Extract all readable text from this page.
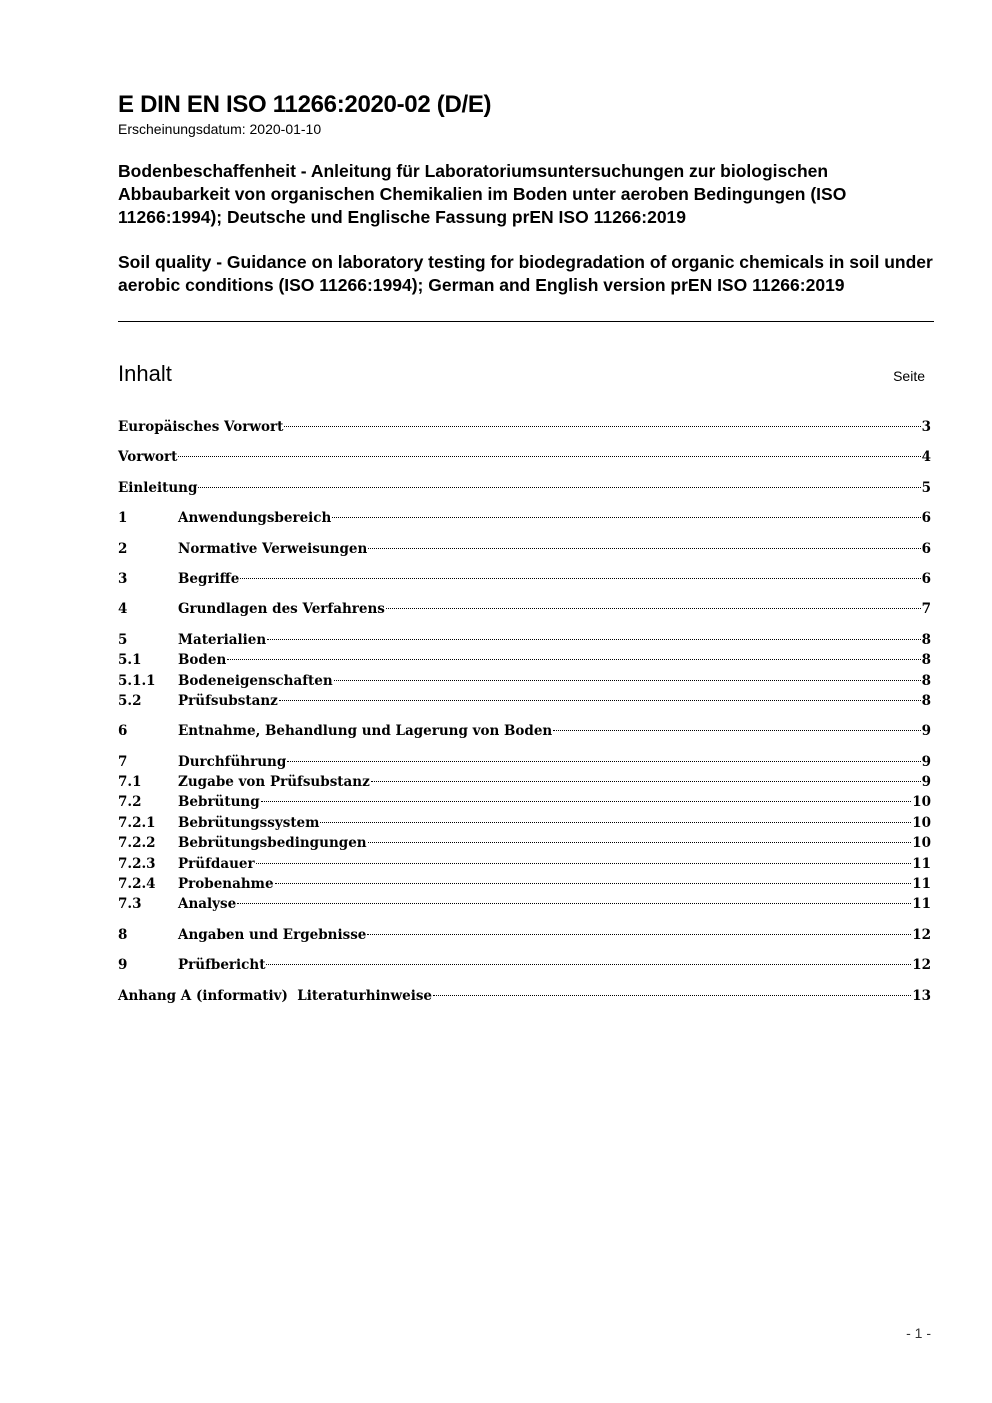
E DIN EN ISO 11266:2020-02 (D/E)
Erscheinungsdatum: 2020-01-10
Bodenbeschaffenheit - Anleitung für Laboratoriumsuntersuchungen zur biologischen Abbaubarkeit von organischen Chemikalien im Boden unter aeroben Bedingungen (ISO 11266:1994); Deutsche und Englische Fassung prEN ISO 11266:2019
Soil quality - Guidance on laboratory testing for biodegradation of organic chemicals in soil under aerobic conditions (ISO 11266:1994); German and English version prEN ISO 11266:2019
Inhalt	Seite
Europäisches Vorwort	3
Vorwort	4
Einleitung	5
1	Anwendungsbereich	6
2	Normative Verweisungen	6
3	Begriffe	6
4	Grundlagen des Verfahrens	7
5	Materialien	8
5.1	Boden	8
5.1.1	Bodeneigenschaften	8
5.2	Prüfsubstanz	8
6	Entnahme, Behandlung und Lagerung von Boden	9
7	Durchführung	9
7.1	Zugabe von Prüfsubstanz	9
7.2	Bebrütung	10
7.2.1	Bebrütungssystem	10
7.2.2	Bebrütungsbedingungen	10
7.2.3	Prüfdauer	11
7.2.4	Probenahme	11
7.3	Analyse	11
8	Angaben und Ergebnisse	12
9	Prüfbericht	12
Anhang A (informativ)  Literaturhinweise	13
- 1 -
